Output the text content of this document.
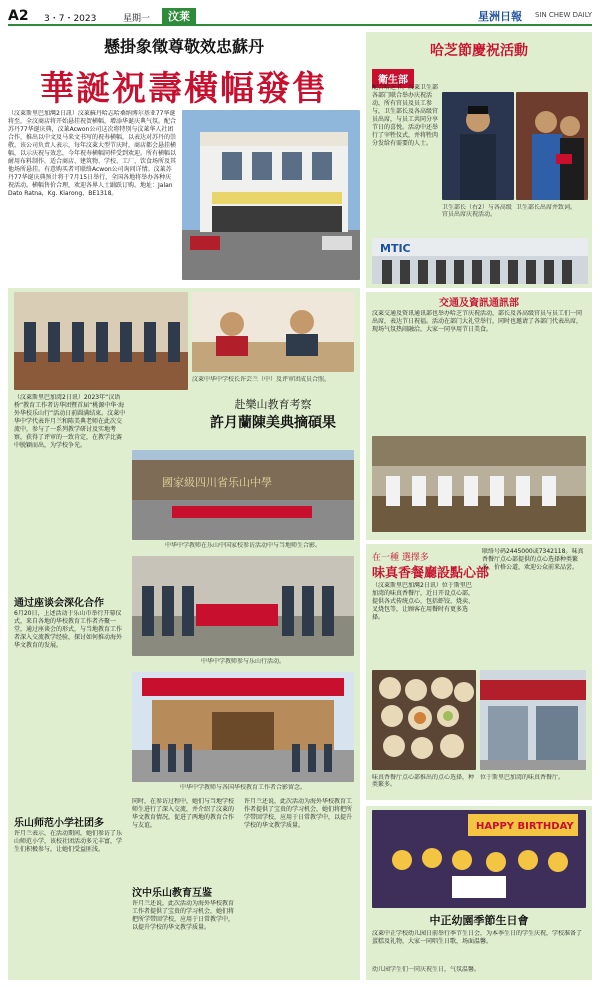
A2 3・7・2023	星期一	汶莱	星洲日報 SIN CHEW DAILY
懸掛象徵尊敬效忠蘇丹
華誕祝壽橫幅發售
（汶萊斯里巴加灣2日訊）汶萊蘇丹哈志哈桑纳博尔基亚77华诞将至，全汶商店将开始悬挂祝贺横幅，增添华诞庆典气氛。配合苏丹77华诞庆典，汶萊Acwon公司这次将特别与汶萊华人社团合作，推出以中文及马来文书写的祝寿横幅，以表达对苏丹的崇敬。该公司负责人表示，每年汶萊大型节庆时，商店都会悬挂横幅，以示庆祝与效忠，今年祝寿横幅同样受到欢迎。所有横幅以耐用布料制作，适合商店、建筑物、学校、工厂、饮食场所及其他场所悬挂。有意购买者可联络Acwon公司询问详情。汶萊苏丹77华诞庆典预计将于7月15日举行，全国各地将举办各种庆祝活动。横幅售价合理，欢迎各界人士踊跃订购。地址：Jalan Dato Ratna，Kg. Kiarong，BE1318。
哈芝節慶祝活動
衛生部
配合哈芝节，汶萊卫生部各部门联合举办庆祝活动，所有官员及员工参与，卫生部长及各高级官员出席，与员工共同分享节日的喜悦。活动中还举行了宰牲仪式，并将牲肉分发给有需要的人士。
卫生部长（右2）与各高级官员出席庆祝活动。
卫生部长出席并致词。
MTIC
交通及資訊通訊部
汶萊交通及资讯通讯部也举办哈芝节庆祝活动，部长及各高级官员与员工们一同出席，表达节日祝福。活动在部门大礼堂举行，同时也邀请了各部门代表出席，现场气氛热闹融洽，大家一同享用节日美食。
在一種 選擇多
味真香餐廳設點心部
（汶萊斯里巴加灣2日讯）位于斯里巴加湾的味真香餐厅，近日开设点心部，提供各式传统点心，包括虾饺、烧卖、叉烧包等，让顾客在用餐时有更多选择。
联络号码2445000或7342118。味真香餐厅点心部提供的点心选择种类繁多，价格公道，欢迎公众前来品尝。
味真香餐厅点心部推出的点心选择，种类繁多。
位于斯里巴加湾的味真香餐厅。
汶萊中华中学校长许芸兰（中）及评审团成员合照。
赴樂山教育考察
許月蘭陳美典摘碩果
（汶萊斯里巴加湾2日讯）2023年“汉语桥”教育工作者访华团暨首届“桃源中华·海外华校乐山行”活动日前圆满结束。汶萊中华中学代表许月兰和陈美典老师在此次交流中，参与了一系列教学研讨及实地考察，获得了评审的一致肯定，在教学比赛中脱颖而出，为学校争光。
通过座谈会深化合作
6月20日，上述活动于乐山市举行开幕仪式，来自各地的华校教育工作者齐聚一堂，通过座谈会的形式，与当地教育工作者深入交流教学经验，探讨如何推动海外华文教育的发展。
乐山师范小学社团多
许月兰表示，在活动期间，她们参访了乐山师范小学，该校社团活动多元丰富，学生们积极参与，让她们受益匪浅。
國家級四川省乐山中學
中华中学教师在乐山中国家校参访活动中与当地师生合影。
中华中学教师参与乐山行活动。
中华中学教师与各国华校教育工作者合影留念。
同时，在参访过程中，她们与当地学校师生进行了深入交流，并介绍了汶萊的华文教育情况，促进了两地的教育合作与友谊。
汶中乐山教育互鉴
许月兰还说，此次活动为海外华校教育工作者提供了宝贵的学习机会，她们将把所学带回学校，应用于日常教学中，以提升学校的华文教学质量。
许月兰还说，此次活动为海外华校教育工作者提供了宝贵的学习机会，她们将把所学带回学校，应用于日常教学中，以提升学校的华文教学质量。	HAPPY BIRTHDAY
中正幼園季節生日會
汶萊中正学校幼儿园日前举行季节生日会，为本季生日的学生庆祝，学校准备了蛋糕及礼物，大家一同唱生日歌，场面温馨。
幼儿园学生们一同庆祝生日，气氛温馨。
